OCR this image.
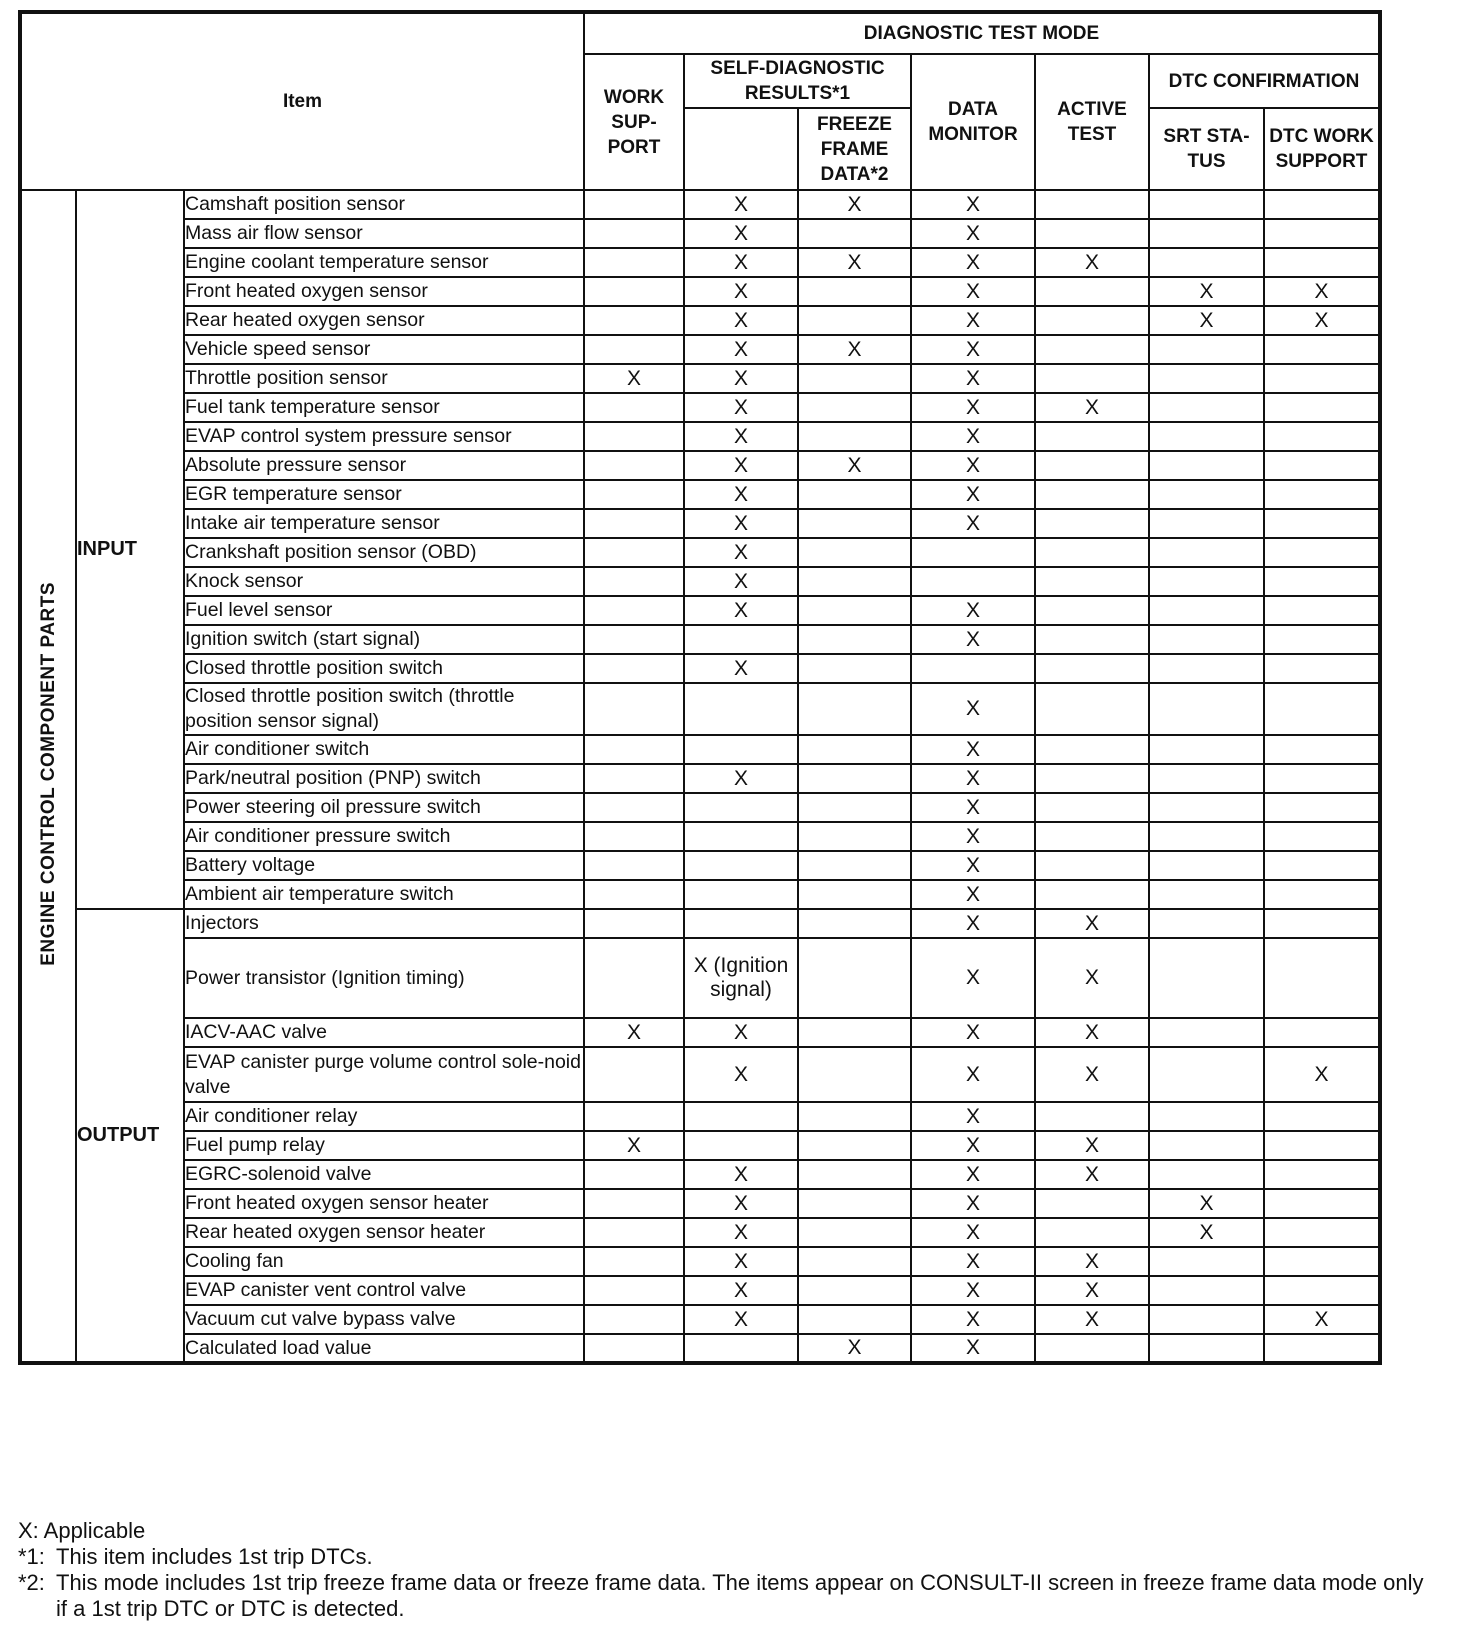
Item			DIAGNOSTIC TEST MODE						
			WORK SUP-PORT	SELF-DIAGNOSTIC RESULTS*1		DATA MONITOR	ACTIVE TEST	DTC CONFIRMATION	
					FREEZE FRAME DATA*2			SRT STA-TUS	DTC WORK SUPPORT
ENGINE CONTROL COMPONENT PARTS	INPUT	Camshaft position sensor		X	X	X			
		Mass air flow sensor		X		X			
		Engine coolant temperature sensor		X	X	X	X		
		Front heated oxygen sensor		X		X		X	X
		Rear heated oxygen sensor		X		X		X	X
		Vehicle speed sensor		X	X	X			
		Throttle position sensor	X	X		X			
		Fuel tank temperature sensor		X		X	X		
		EVAP control system pressure sensor		X		X			
		Absolute pressure sensor		X	X	X			
		EGR temperature sensor		X		X			
		Intake air temperature sensor		X		X			
		Crankshaft position sensor (OBD)		X					
		Knock sensor		X					
		Fuel level sensor		X		X			
		Ignition switch (start signal)				X			
		Closed throttle position switch		X					
		Closed throttle position switch (throttle position sensor signal)				X			
		Air conditioner switch				X			
		Park/neutral position (PNP) switch		X		X			
		Power steering oil pressure switch				X			
		Air conditioner pressure switch				X			
		Battery voltage				X			
		Ambient air temperature switch				X			
	OUTPUT	Injectors				X	X		
		Power transistor (Ignition timing)		X (Ignition signal)		X	X		
		IACV-AAC valve	X	X		X	X		
		EVAP canister purge volume control sole-noid valve		X		X	X		X
		Air conditioner relay				X			
		Fuel pump relay	X			X	X		
		EGRC-solenoid valve		X		X	X		
		Front heated oxygen sensor heater		X		X		X	
		Rear heated oxygen sensor heater		X		X		X	
		Cooling fan		X		X	X		
		EVAP canister vent control valve		X		X	X		
		Vacuum cut valve bypass valve		X		X	X		X
		Calculated load value			X	X			
X: Applicable
*1: This item includes 1st trip DTCs.
*2: This mode includes 1st trip freeze frame data or freeze frame data. The items appear on CONSULT-II screen in freeze frame data mode only if a 1st trip DTC or DTC is detected.
